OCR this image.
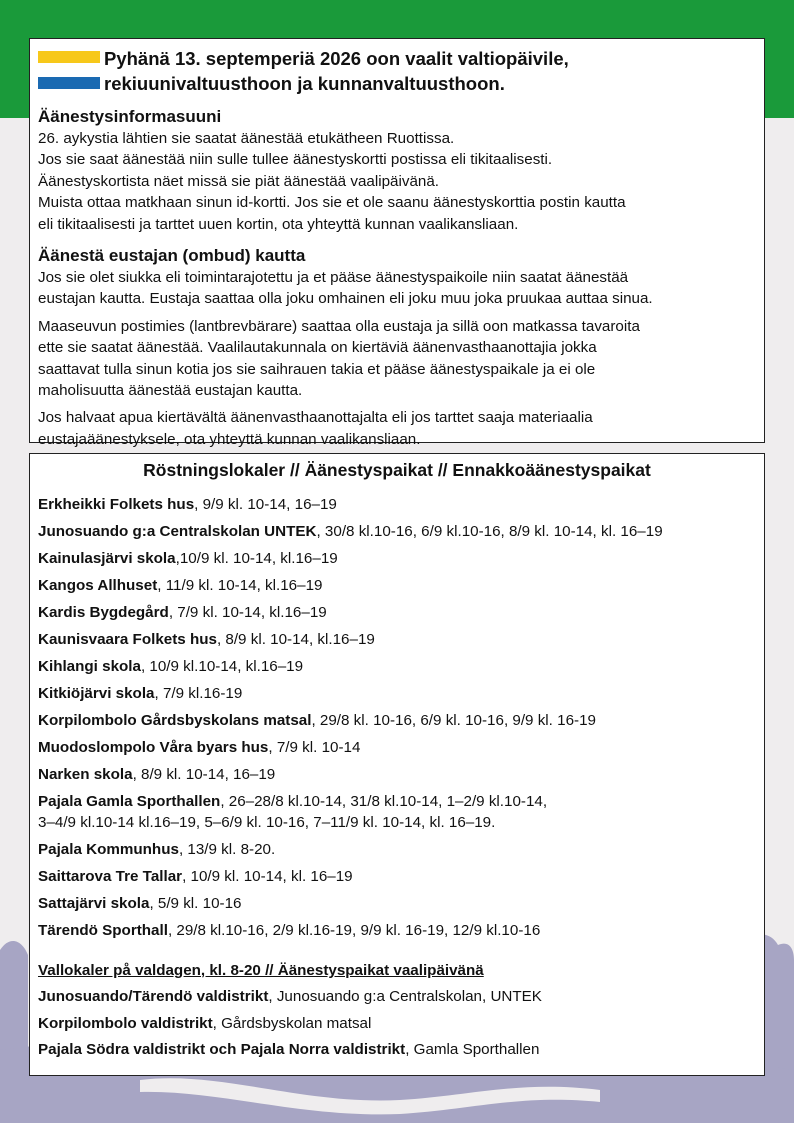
Pyhänä 13. septemperiä 2026 oon vaalit valtiopäivile,
rekiuunivaltuusthoon ja kunnanvaltuusthoon.
Äänestysinformasuuni

26. aykystia lähtien sie saatat äänestää etukätheen Ruottissa.

Jos sie saat äänestää niin sulle tullee äänestyskortti postissa eli tikitaalisesti.

Äänestyskortista näet missä sie piät äänestää vaalipäivänä.

Muista ottaa matkhaan sinun id-kortti. Jos sie et ole saanu äänestyskorttia postin kautta

eli tikitaalisesti ja tarttet uuen kortin, ota yhteyttä kunnan vaalikansliaan.

Äänestä eustajan (ombud) kautta

Jos sie olet siukka eli toimintarajotettu ja et pääse äänestyspaikoile niin saatat äänestää

eustajan kautta. Eustaja saattaa olla joku omhainen eli joku muu joka pruukaa auttaa sinua.

Maaseuvun postimies (lantbrevbärare) saattaa olla eustaja ja sillä oon matkassa tavaroita

ette sie saatat äänestää. Vaalilautakunnala on kiertäviä äänenvasthaanottajia jokka

saattavat tulla sinun kotia jos sie saihrauen takia et pääse äänestyspaikale ja ei ole

maholisuutta äänestää eustajan kautta.

Jos halvaat apua kiertävältä äänenvasthaanottajalta eli jos tarttet saaja materiaalia

eustajaäänestyksele, ota yhteyttä kunnan vaalikansliaan.

Röstningslokaler // Äänestyspaikat // Ennakkoäänestyspaikat
Erkheikki Folkets hus, 9/9 kl. 10-14, 16–19
Junosuando g:a Centralskolan UNTEK, 30/8 kl.10-16, 6/9 kl.10-16, 8/9 kl. 10-14, kl. 16–19
Kainulasjärvi skola,10/9 kl. 10-14, kl.16–19
Kangos Allhuset, 11/9 kl. 10-14, kl.16–19
Kardis Bygdegård, 7/9 kl. 10-14, kl.16–19
Kaunisvaara Folkets hus, 8/9 kl. 10-14, kl.16–19
Kihlangi skola, 10/9 kl.10-14, kl.16–19
Kitkiöjärvi skola, 7/9 kl.16-19
Korpilombolo Gårdsbyskolans matsal, 29/8 kl. 10-16, 6/9 kl. 10-16, 9/9 kl. 16-19
Muodoslompolo Våra byars hus, 7/9 kl. 10-14
Narken skola, 8/9 kl. 10-14, 16–19
Pajala Gamla Sporthallen, 26–28/8 kl.10-14, 31/8 kl.10-14, 1–2/9 kl.10-14,
3–4/9 kl.10-14 kl.16–19, 5–6/9 kl. 10-16, 7–11/9 kl. 10-14, kl. 16–19.
Pajala Kommunhus, 13/9 kl. 8-20.
Saittarova Tre Tallar, 10/9 kl. 10-14, kl. 16–19
Sattajärvi skola, 5/9 kl. 10-16
Tärendö Sporthall, 29/8 kl.10-16, 2/9 kl.16-19, 9/9 kl. 16-19, 12/9 kl.10-16
Vallokaler på valdagen, kl. 8-20 // Äänestyspaikat vaalipäivänä
Junosuando/Tärendö valdistrikt, Junosuando g:a Centralskolan, UNTEK
Korpilombolo valdistrikt, Gårdsbyskolan matsal
Pajala Södra valdistrikt och Pajala Norra valdistrikt, Gamla Sporthallen
